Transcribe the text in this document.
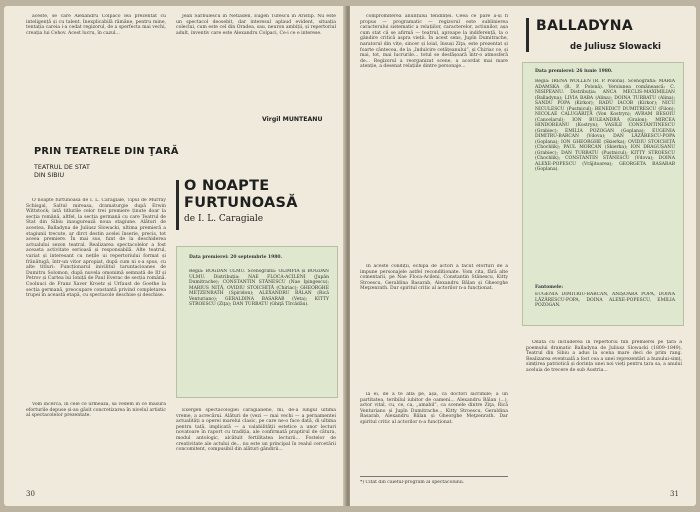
aceste, se care Alexandru Colpaco lea prezentat cu inteligență și cu talent. Inexplicabilă rămâne, pentru mine, tentația careia i-a cedat regizorul, de a sperfecta mai vechi, creația lui Cehov. Acest lucru, în cazul...

Jean Sârbulescu în Netiaden, Eugen Tufescu în Aristip. Nu este un spectacol deosebit, dar interesul aplaud evident, situația coleclui, cum este cel din Oradea, sau, neuron ambiții, și repertoriul adult, inventiv care este Alexandru Colpaci, Ce-i ce e interese.

Virgil MUNTEANU
PRIN TEATRELE DIN ŢARĂ
TEATRUL DE STAT DIN SIBIU

O noapte furtunoasă de I. L. Caragiale, Tipul de Murray Schisgal, Saltul mireasa, dramaturgie după Erwin Wittstock; iată titlurile celor trei premiere ținute doar la secția română, altfel, la secția germană cu care Teatrul de Stat din Sibiu inaugurează noua stagiune. Alături de acestea, Balladyna de Juliusz Slowacki, ultima premieră a stagiunii trecute, ar dirct destin acelei înserie, precis, tot aceea premiere. În mai sus, funt de la deschiderea actualului sezon teatral. Realizarea spectacolelor a fost aceasta activitate serioasă și responsabilă. Alte teatrul, variat și interesant cu nețile ui repertoriului format și frânătugă, într-un vitor apropiat, după cum ni s-a spus, cu alte titluri: Funcționarul inivilitul taruntacioanes de Dumitru Solomon, după nuvela omonimă semnată de Ilf și Petrov și Cartea lui Ioniță de Paul Everac de secția română. Coolnuci de Franz Xaver Kroetz și Urfaust de Goethe la secția germană, preocupare constantă privind completarea trupei în această etapă, cu spectacole deschise și deschise.

Vom încerca, în cele ce urmează, să vedem în ce măsură eforturile depuse și-au găsit concretizarea în nivelul artistic al spectacolelor prezentate.

O NOAPTE FURTUNOASĂ
de I. L. Caragiale
Data premierei: 20 septembrie 1980.
Regia: BOGDAN ULMU. Scenografia: OLIMPIA și BOGDAN ULMU. Distribuția: NAE FLOCA-ACILENI (Jupân Dumitrache); CONSTANTIN STĂNESCU (Nae Ipingescu); MARIUS NIȚĂ, OVIDIU STOICHIȚĂ (Chiriac); GHEORGHE MEȚZENRATH (Spiridon); ALEXANDRU BĂLAN (Rică Venturiano); GERALDINA BASARAB (Veta); KITTY STROESCU (Ziţa); DAN TURBATU (Ghiţă Tîrcădău).

Exergen spectacologiei caragialiene, mi, de-a lungul ultima vreme, a acrecărui. Alături de (vezi — mai vechi — a pernamentei actualități a operei marelui clasic, pe care ne-o face dată, di ultima pentru tată, implicată — a valabilității estetice a unor lecturi novatoare în raport cu tradiția, ale confirmată praptirul de cătura, modul antologic, alcătuit fertilitatea lecturii... Fostelor de creativitate ale actului de... nu este un principal în realul cercetării concomitent, compusibil din alături gândirii...

30

compromiterea anunțului tendinței. Ceea ce pare a-și fi propus — programatic — regizorul este sublinierea caracterului sistematic a relațiilor, caracterelor, actiunilor, așa cum stat că se afirmă — teatrul, aproape la indiferență, la o gândire critică aspra vieții. În acest sens, Jupîn Dumitrache, naratorul din vițe, sincer și loial, însuși Ziţa, este prezentat și foarte cântecea, de la „îndulcire cetățeanului”, și Chiriac ce, și mai, tot, mai lucrurile... totul se desfășoară într-o atmosferă de... Regizorul a reorganizat scene, a acordat mai mare atenție, a desenat relațiile dintre personaje...

În aceste condiții, echipa de actori a făcut eforturi de a impune personajele astfel reconditionate. Vom cita, fără alte comentarii, pe Nae Floca-Acileni, Constantin Stănescu, Kitty Stroescu, Geraldina Basarab, Alexandru Bălan și Gheorghe Meţzenrath. Dar spiritul critic al actorilor n-a funcționat.

la ei, de a te afla pe, așa, ca doctori lacrimile; a un partitatea, teribilul iubitor de oameni... Alexandru Bălan (...), actor vital, cu, ce, ca, „amabil”, ca scenele dintre Ziţa, Rică Venturiano și Jupîn Dumitrache... Kitty Stroescu, Geraldina Basarab, Alexandru Bălan și Gheorghe Meţzenrath. Dar spiritul critic al actorilor n-a funcționat.

*) Citat din caietul-program al spectacolului.
BALLADYNA
de Juliusz Slowacki
Data premierei: 26 iunie 1980.
Regia: IRENA WOLLEN (R. P. Polonă). Scenografia: MARIA ADAMSKA (R. P. Polonă). Versiunea românească: C. NISIPEANU. Distribuția: ANCA MECLIS-MAXIMILIAN (Balladyna); LIVIA BABA (Alina); DOINA TURBATU (Alina); SANDU POPA (Kirkor); RADU IACOB (Kirkor); NICU NICULESCU (Pustnicul); BENEDICT DUMITRESCU (Filon); NICOLAE CALUGĂRIȚĂ (Von Kostryn); AVRAM BESOIU (Cancelarul); ION BULEANDRĂ (Gralon); MIRCEA HINDOREANU (Kostryn); VASILE CONSTANTINESCU (Grabiec); EMILIA POZOGAN (Goplana); EUGENIA DIMITRU-BARCAN (Vdova); DAN LĂZĂRESCU-POPA (Goplana); ION GHEORGHE (Skierka); OVIDIU STOICHIȚĂ (Chochlik); PAUL MORCAN (Skierka); ION DRAGUȘANU (Grabiec); DAN TURBATU (Pustnicul); KITTY STROESCU (Chochlik); CONSTANTIN STĂNESCU (Vdova); DOINA ALEXE-POPESCU (Vrăjitoarea); GEORGETA BASARAB (Goplana).
Fantomele:
EUGENIA DIMITRIU-BARCAN, ANIȘOARA POPA, DOINA LĂZĂRESCU-POPA, DOINA ALEXE-POPESCU, EMILIA POZOGAN.

Odată cu includerea în repertoriu fiin premierei pe țară a poemului dramatic Balladyna de Juliusz Slowacki (1809–1849), Teatrul din Sibiu a adus la scena mare deci de prim rang. Realizarea eventuală a fost cea a unei reprezentări a bunului-simț, simțirea patriotică și dorința unei noi vieți pentru țara sa, a anului aceluia de trecere de sub Austria...

31
